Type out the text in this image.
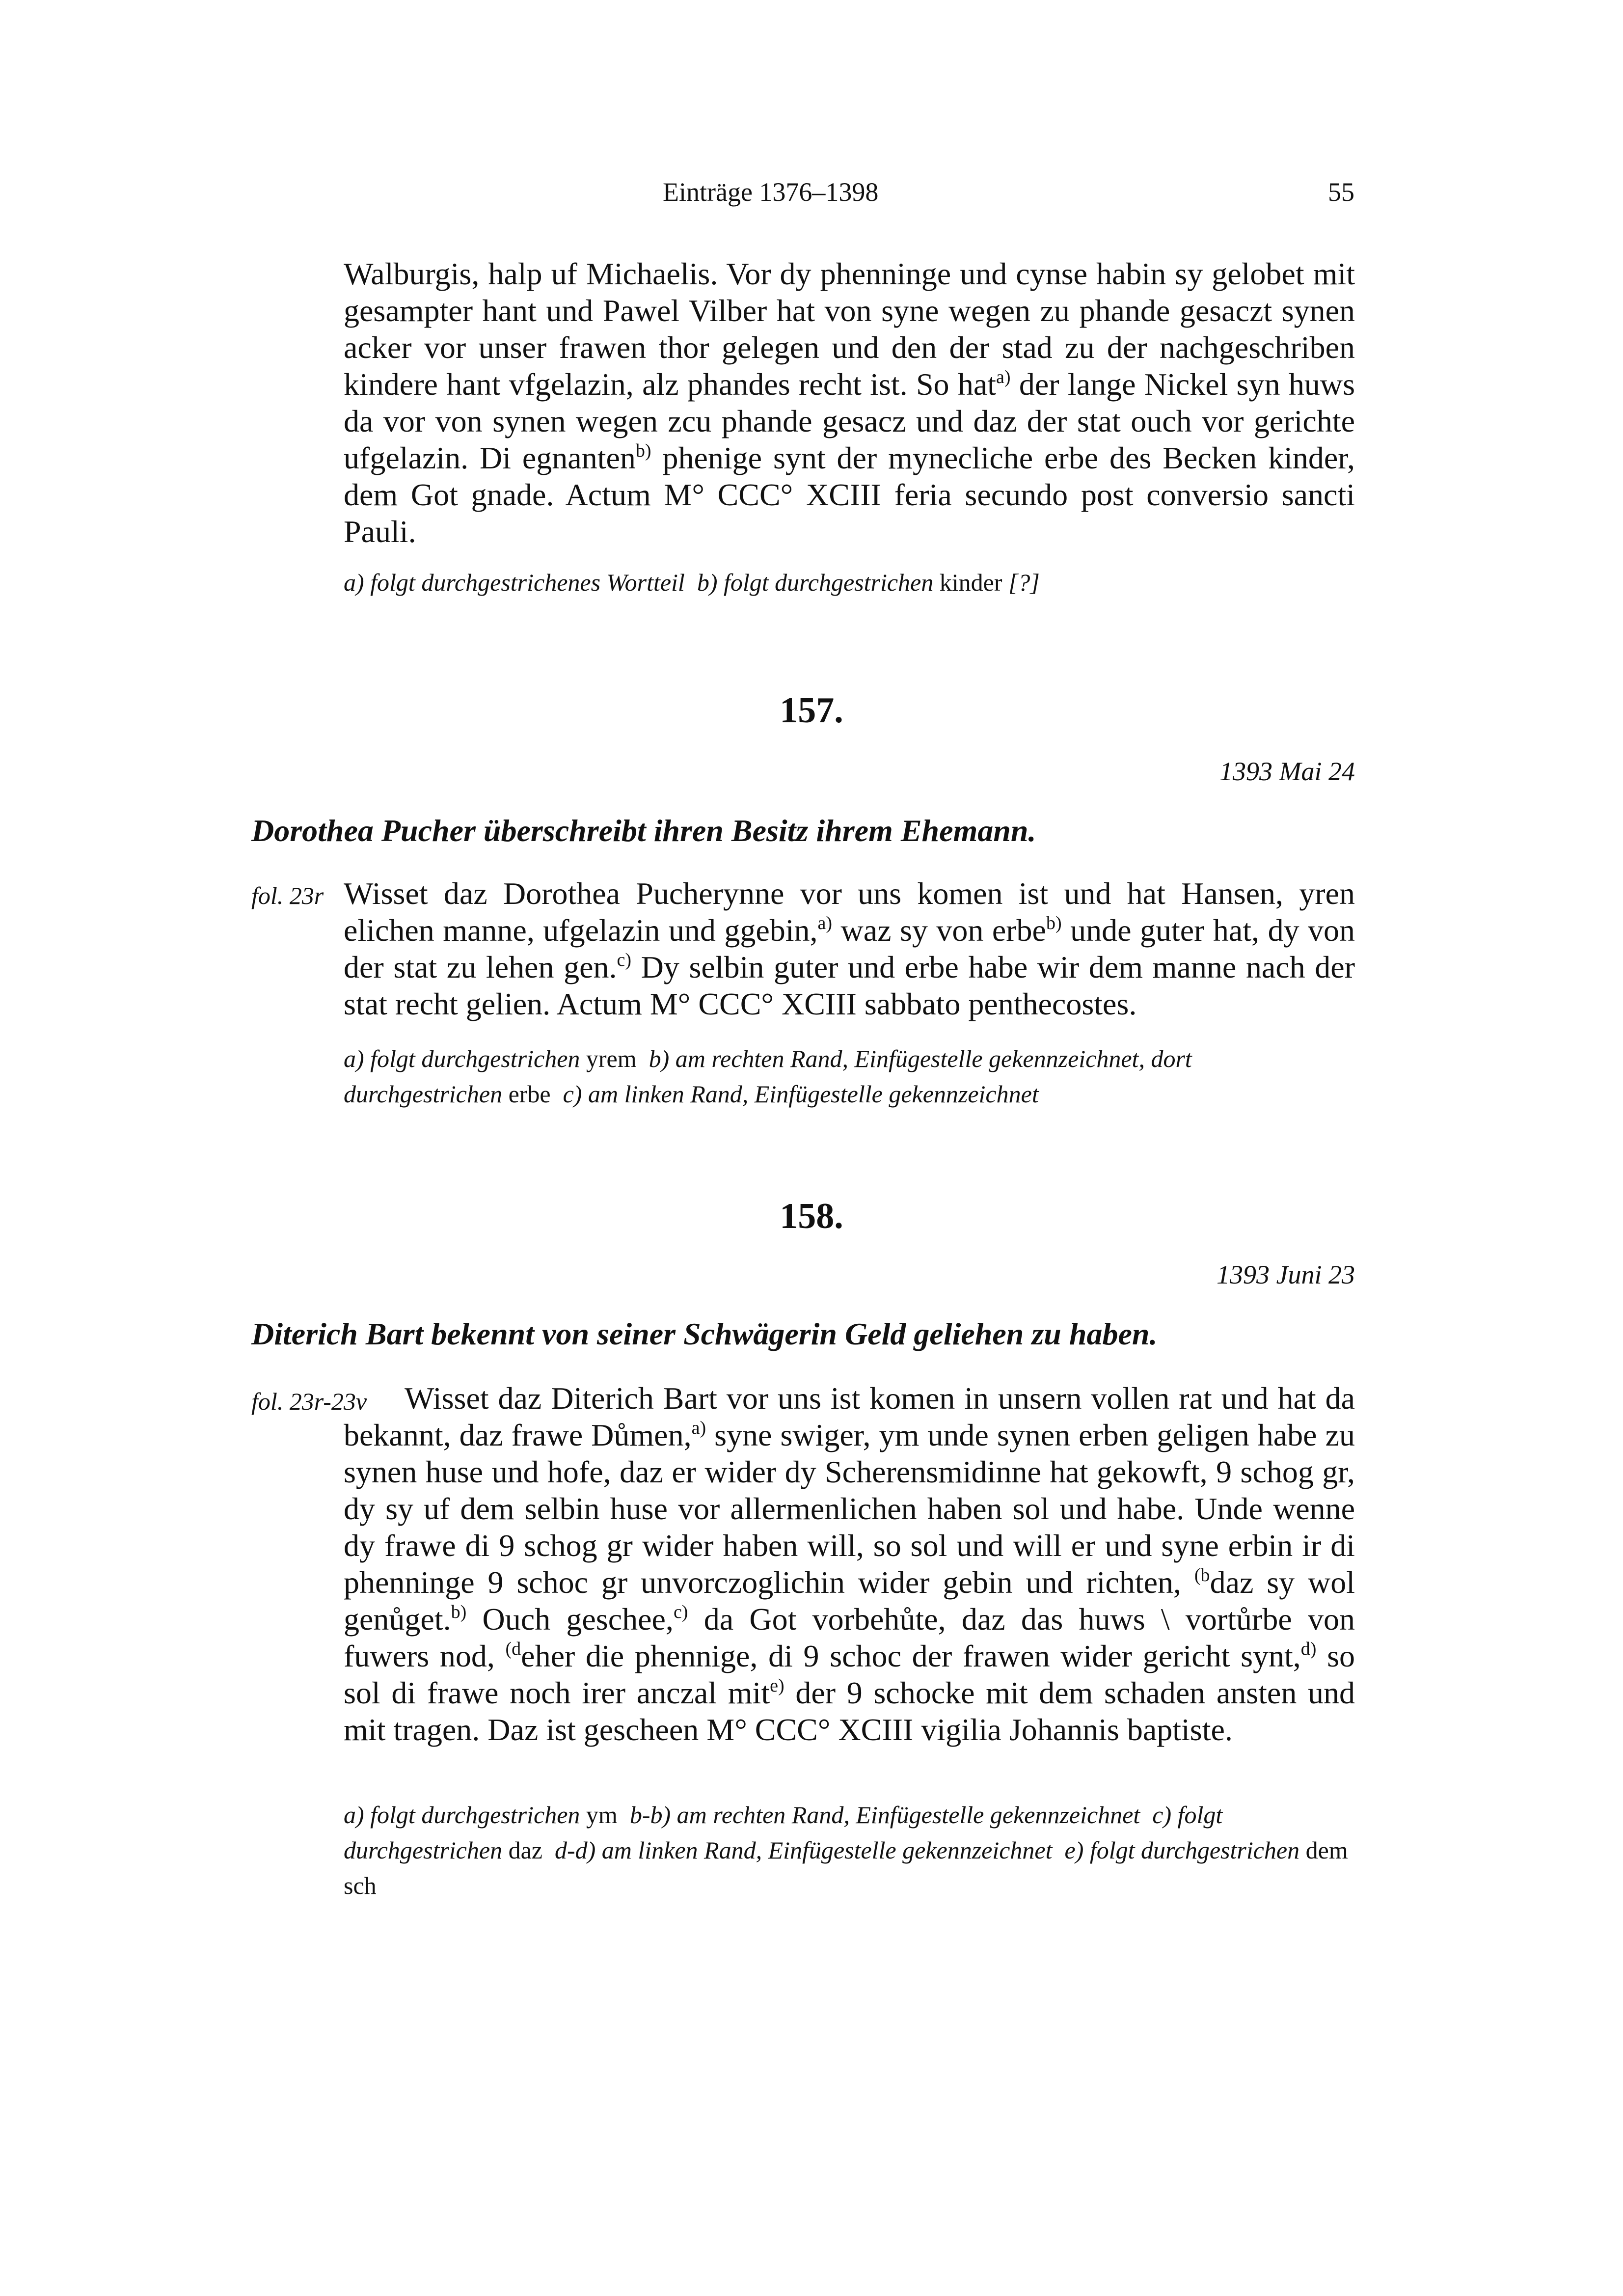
Einträge 1376–1398	55
Walburgis, halp uf Michaelis. Vor dy phenninge und cynse habin sy gelobet mit gesampter hant und Pawel Vilber hat von syne wegen zu phande gesaczt synen acker vor unser frawen thor gelegen und den der stad zu der nachgeschriben kindere hant vfgelazin, alz phandes recht ist. So hat$^{a)}$ der lange Nickel syn huws da vor von synen wegen zcu phande gesacz und daz der stat ouch vor gerichte ufgelazin. Di egnanten$^{b)}$ phenige synt der mynecliche erbe des Becken kinder, dem Got gnade. Actum M° CCC° XCIII feria secundo post conversio sancti Pauli.
a) folgt durchgestrichenes Wortteil b) folgt durchgestrichen kinder [?]
157.
1393 Mai 24
Dorothea Pucher überschreibt ihren Besitz ihrem Ehemann.
fol. 23r Wisset daz Dorothea Pucherynne vor uns komen ist und hat Hansen, yren elichen manne, ufgelazin und ggebin,$^{a)}$ waz sy von erbe$^{b)}$ unde guter hat, dy von der stat zu lehen gen.$^{c)}$ Dy selbin guter und erbe habe wir dem manne nach der stat recht gelien. Actum M° CCC° XCIII sabbato penthecostes.
a) folgt durchgestrichen yrem b) am rechten Rand, Einfügestelle gekennzeichnet, dort durchgestrichen erbe c) am linken Rand, Einfügestelle gekennzeichnet
158.
1393 Juni 23
Diterich Bart bekennt von seiner Schwägerin Geld geliehen zu haben.
fol. 23r-23v	Wisset daz Diterich Bart vor uns ist komen in unsern vollen rat und hat da bekannt, daz frawe Důmen,$^{a)}$ syne swiger, ym unde synen erben geligen habe zu synen huse und hofe, daz er wider dy Scherensmidinne hat gekowft, 9 schog gr, dy sy uf dem selbin huse vor allermenlichen haben sol und habe. Unde wenne dy frawe di 9 schog gr wider haben will, so sol und will er und syne erbin ir di phenninge 9 schoc gr unvorczoglichin wider gebin und richten, $^{(b}$daz sy wol genůget.$^{b)}$ Ouch geschee,$^{c)}$ da Got vorbehůte, daz das huws \ vortůrbe von fuwers nod, $^{(d}$eher die phennige, di 9 schoc der frawen wider gericht synt,$^{d)}$ so sol di frawe noch irer anczal mit$^{e)}$ der 9 schocke mit dem schaden ansten und mit tragen. Daz ist gescheen M° CCC° XCIII vigilia Johannis baptiste.
a) folgt durchgestrichen ym b-b) am rechten Rand, Einfügestelle gekennzeichnet c) folgt durchgestrichen daz d-d) am linken Rand, Einfügestelle gekennzeichnet e) folgt durchgestrichen dem sch
